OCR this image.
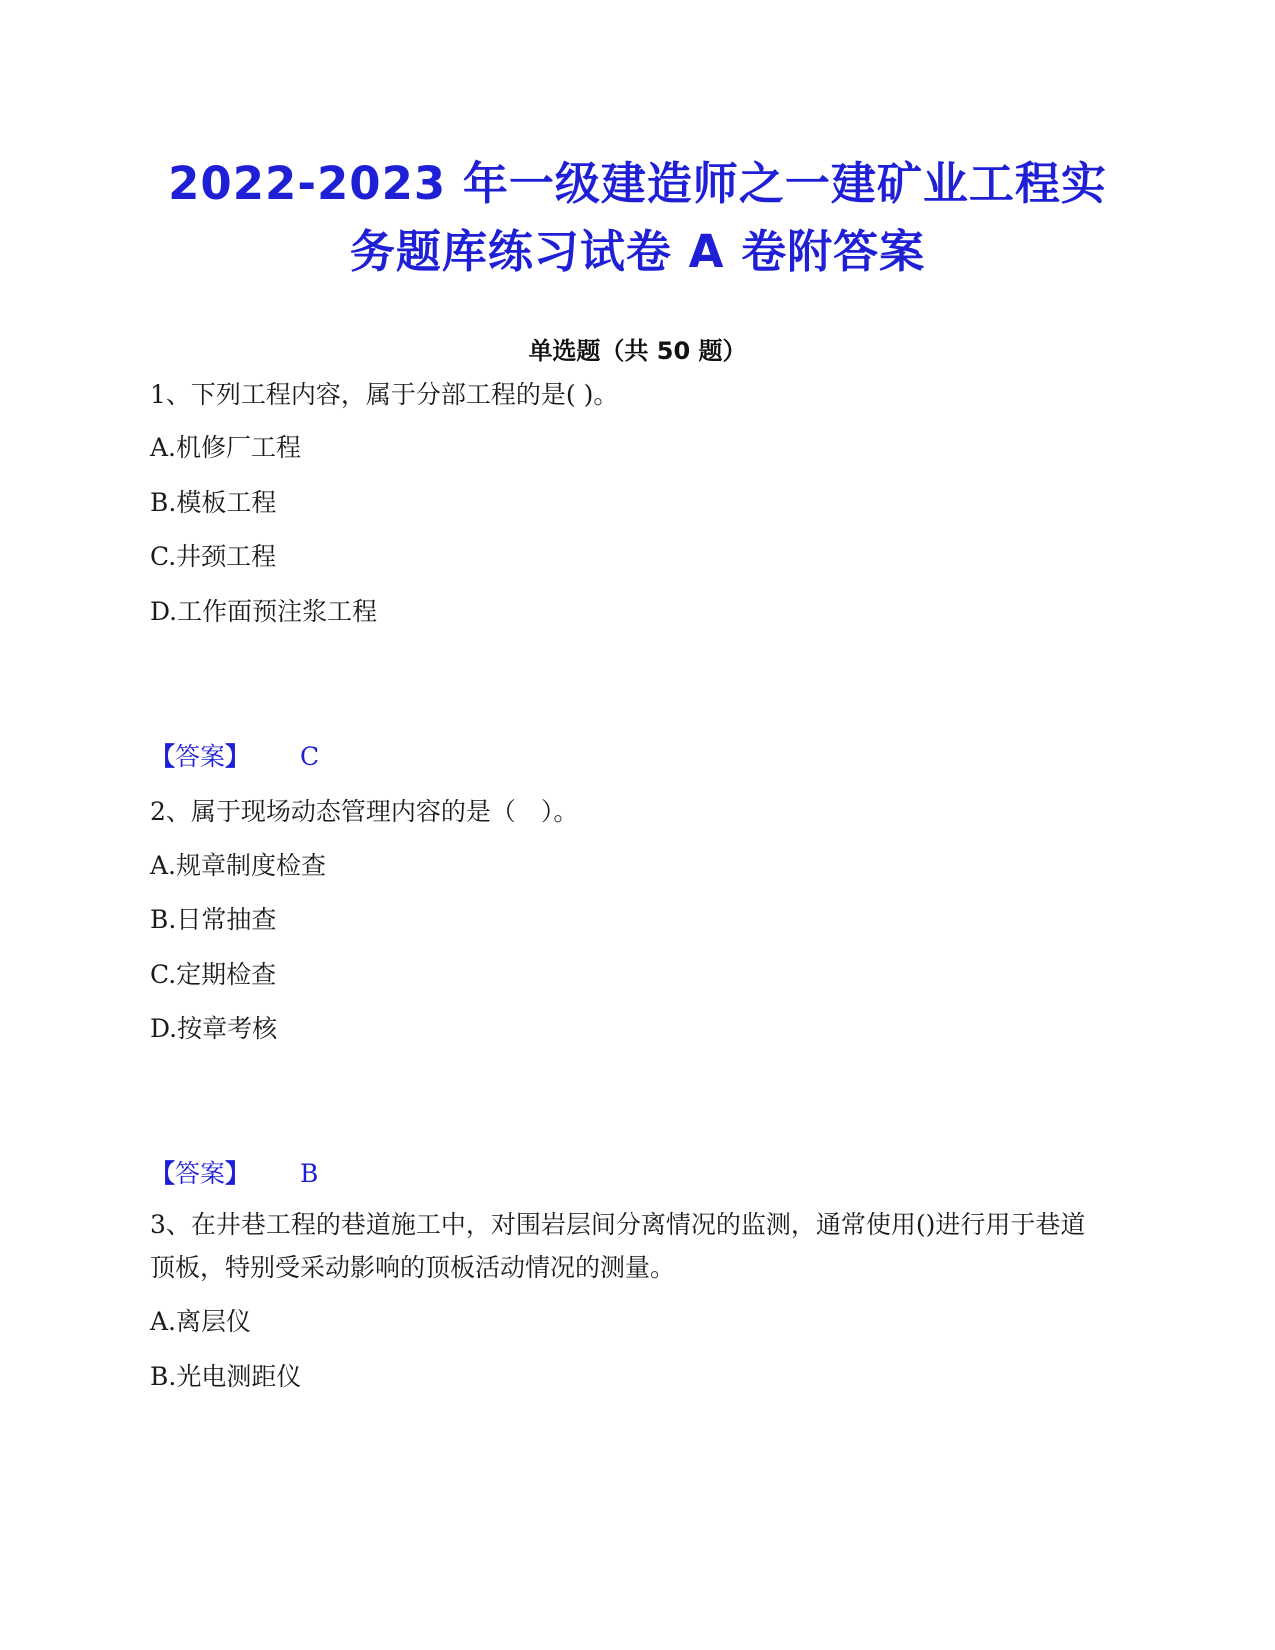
2022-2023 年一级建造师之一建矿业工程实
务题库练习试卷 A 卷附答案
单选题（共 50 题）
1、下列工程内容，属于分部工程的是( )。
A.机修厂工程
B.模板工程
C.井颈工程
D.工作面预注浆工程
【答案】 C
2、属于现场动态管理内容的是（　）。
A.规章制度检查
B.日常抽查
C.定期检查
D.按章考核
【答案】 B
3、在井巷工程的巷道施工中，对围岩层间分离情况的监测，通常使用()进行用于巷道顶板，特别受采动影响的顶板活动情况的测量。
A.离层仪
B.光电测距仪
